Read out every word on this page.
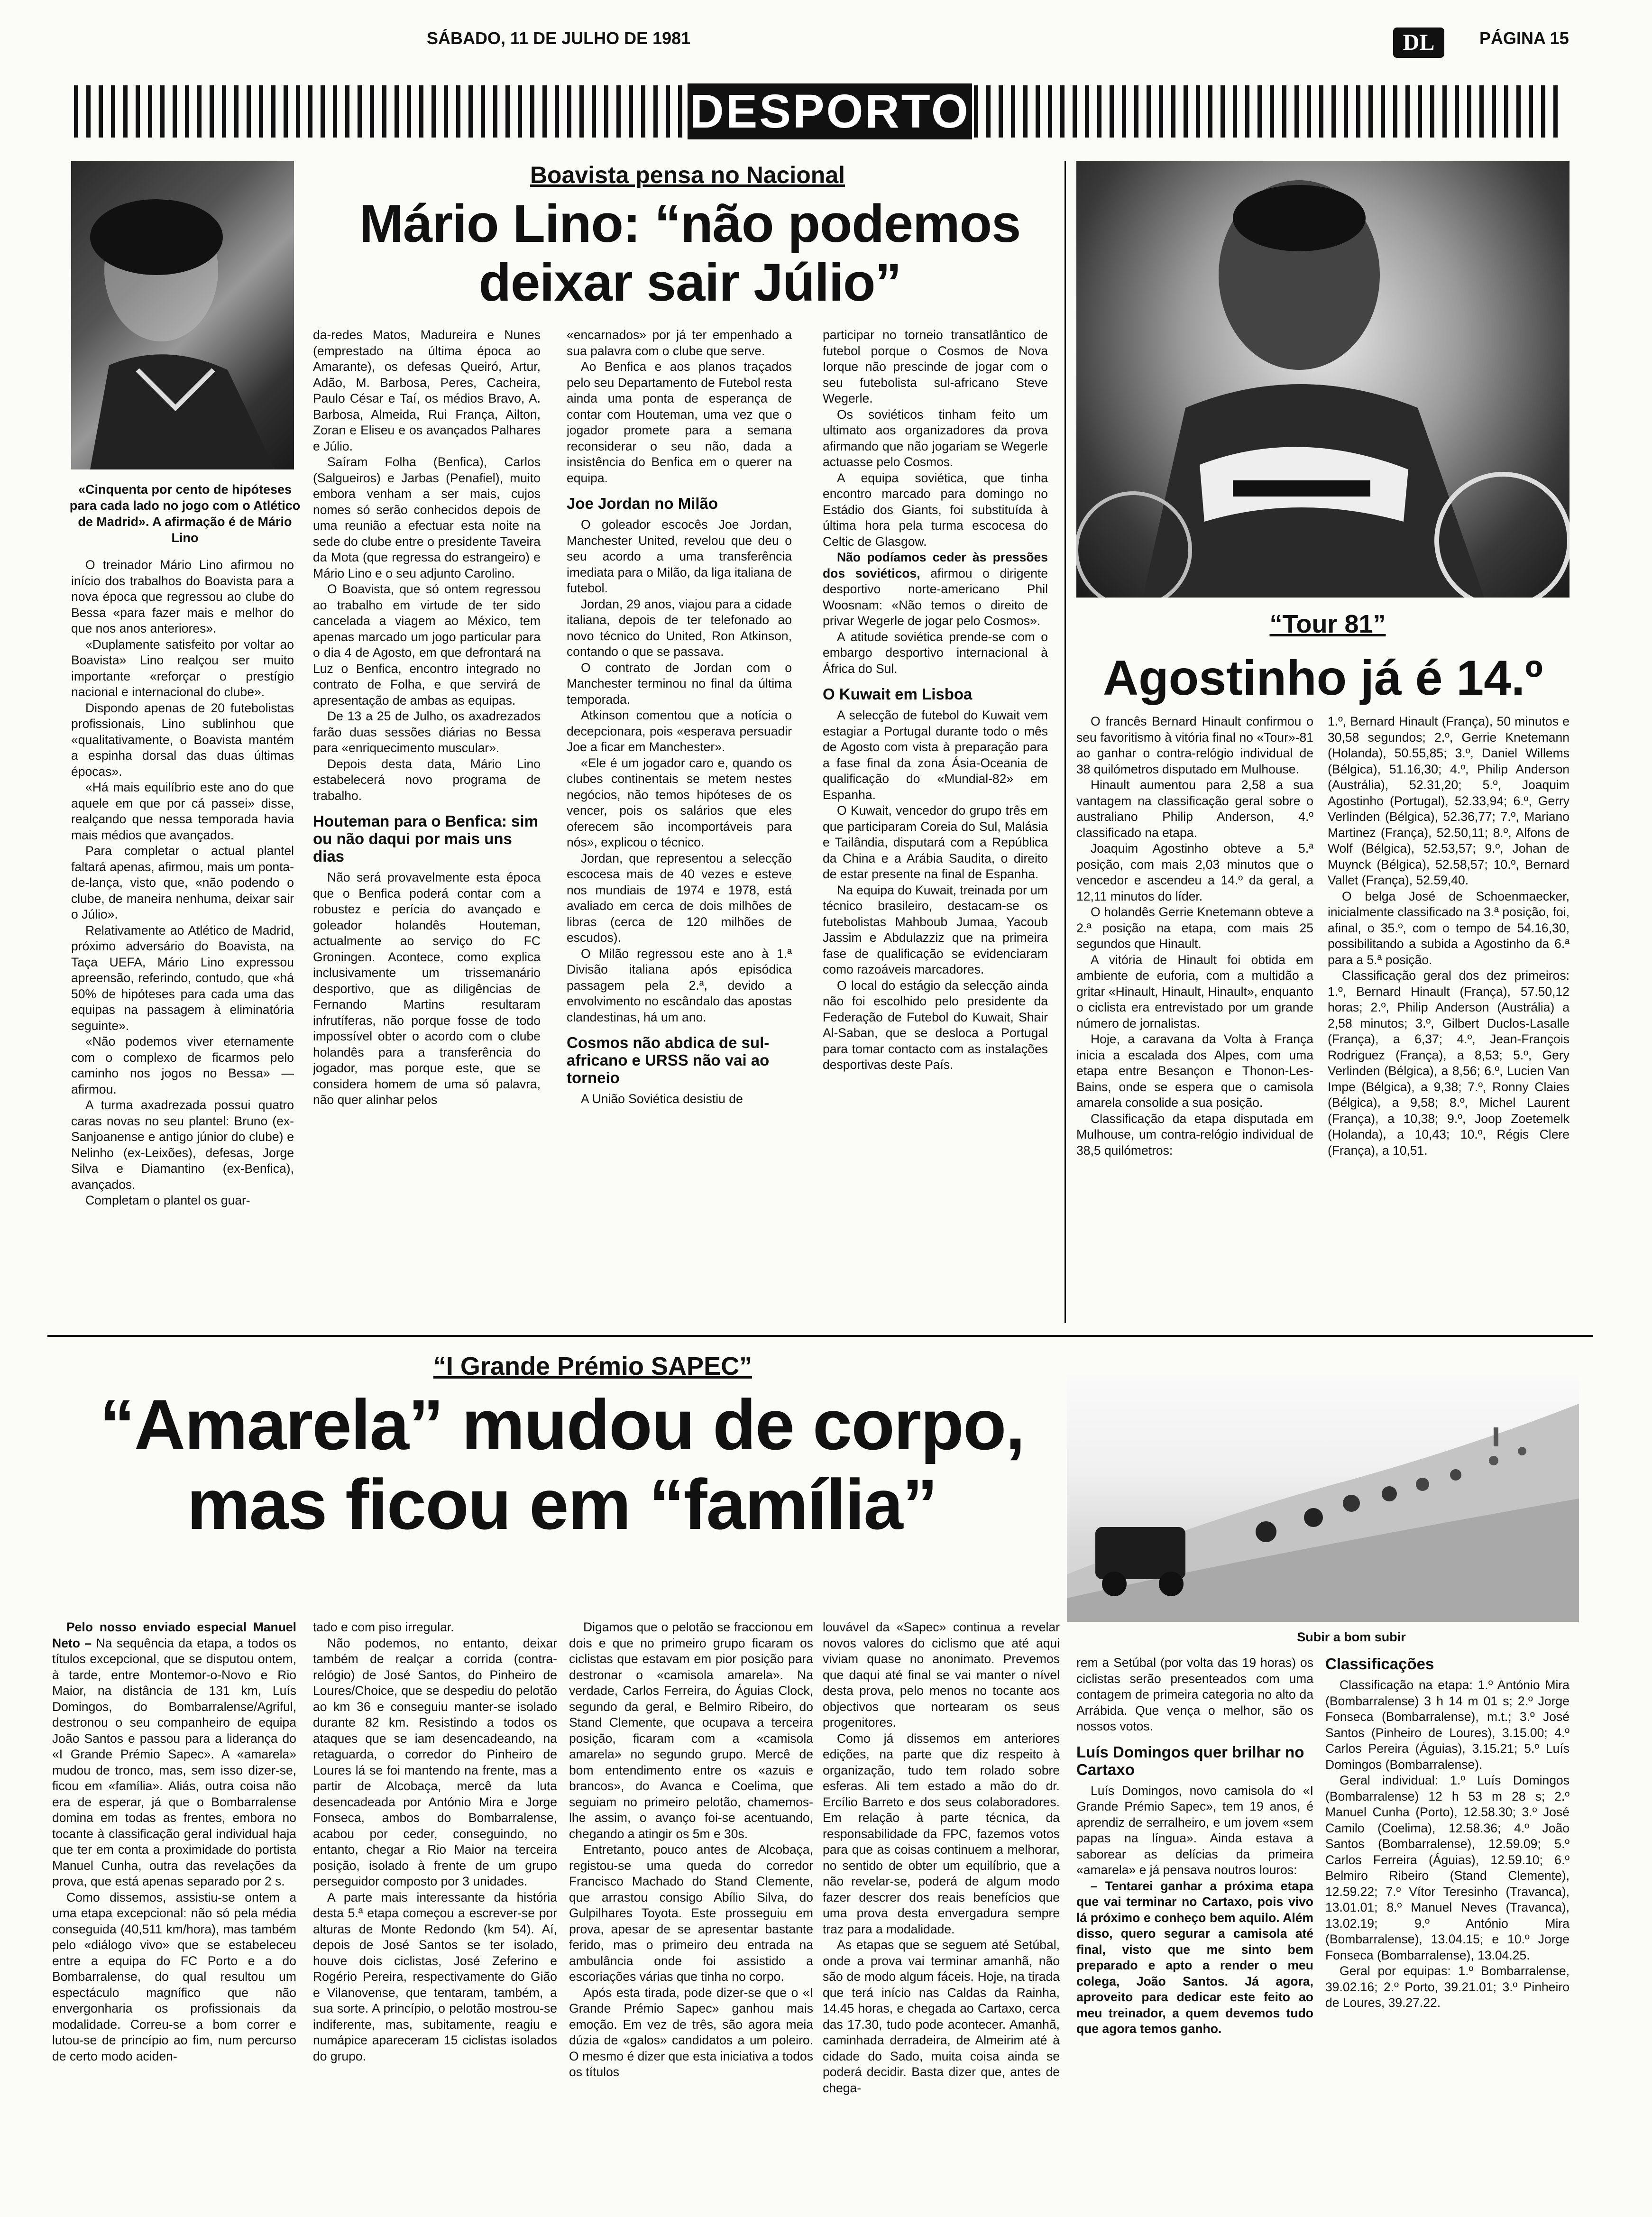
SÁBADO, 11 DE JULHO DE 1981	DL	PÁGINA 15
DESPORTO
«Cinquenta por cento de hipóteses para cada lado no jogo com o Atlético de Madrid». A afirmação é de Mário Lino
Boavista pensa no Nacional
Mário Lino: “não podemos
deixar sair Júlio”

O treinador Mário Lino afirmou no início dos trabalhos do Boavista para a nova época que regressou ao clube do Bessa «para fazer mais e melhor do que nos anos anteriores».

«Duplamente satisfeito por voltar ao Boavista» Lino realçou ser muito importante «reforçar o prestígio nacional e internacional do clube».

Dispondo apenas de 20 futebolistas profissionais, Lino sublinhou que «qualitativamente, o Boavista mantém a espinha dorsal das duas últimas épocas».

«Há mais equilíbrio este ano do que aquele em que por cá passei» disse, realçando que nessa temporada havia mais médios que avançados.

Para completar o actual plantel faltará apenas, afirmou, mais um ponta-de-lança, visto que, «não podendo o clube, de maneira nenhuma, deixar sair o Júlio».

Relativamente ao Atlético de Madrid, próximo adversário do Boavista, na Taça UEFA, Mário Lino expressou apreensão, referindo, contudo, que «há 50% de hipóteses para cada uma das equipas na passagem à eliminatória seguinte».

«Não podemos viver eternamente com o complexo de ficarmos pelo caminho nos jogos no Bessa» — afirmou.

A turma axadrezada possui quatro caras novas no seu plantel: Bruno (ex-Sanjoanense e antigo júnior do clube) e Nelinho (ex-Leixões), defesas, Jorge Silva e Diamantino (ex-Benfica), avançados.

Completam o plantel os guar-

da-redes Matos, Madureira e Nunes (emprestado na última época ao Amarante), os defesas Queiró, Artur, Adão, M. Barbosa, Peres, Cacheira, Paulo César e Taí, os médios Bravo, A. Barbosa, Almeida, Rui França, Ailton, Zoran e Eliseu e os avançados Palhares e Júlio.

Saíram Folha (Benfica), Carlos (Salgueiros) e Jarbas (Penafiel), muito embora venham a ser mais, cujos nomes só serão conhecidos depois de uma reunião a efectuar esta noite na sede do clube entre o presidente Taveira da Mota (que regressa do estrangeiro) e Mário Lino e o seu adjunto Carolino.

O Boavista, que só ontem regressou ao trabalho em virtude de ter sido cancelada a viagem ao México, tem apenas marcado um jogo particular para o dia 4 de Agosto, em que defrontará na Luz o Benfica, encontro integrado no contrato de Folha, e que servirá de apresentação de ambas as equipas.

De 13 a 25 de Julho, os axadrezados farão duas sessões diárias no Bessa para «enriquecimento muscular».

Depois desta data, Mário Lino estabelecerá novo programa de trabalho.

Houteman para o Benfica: sim ou não daqui por mais uns dias

Não será provavelmente esta época que o Benfica poderá contar com a robustez e perícia do avançado e goleador holandês Houteman, actualmente ao serviço do FC Groningen. Acontece, como explica inclusivamente um trissemanário desportivo, que as diligências de Fernando Martins resultaram infrutíferas, não porque fosse de todo impossível obter o acordo com o clube holandês para a transferência do jogador, mas porque este, que se considera homem de uma só palavra, não quer alinhar pelos

«encarnados» por já ter empenhado a sua palavra com o clube que serve.

Ao Benfica e aos planos traçados pelo seu Departamento de Futebol resta ainda uma ponta de esperança de contar com Houteman, uma vez que o jogador promete para a semana reconsiderar o seu não, dada a insistência do Benfica em o querer na equipa.

Joe Jordan no Milão

O goleador escocês Joe Jordan, Manchester United, revelou que deu o seu acordo a uma transferência imediata para o Milão, da liga italiana de futebol.

Jordan, 29 anos, viajou para a cidade italiana, depois de ter telefonado ao novo técnico do United, Ron Atkinson, contando o que se passava.

O contrato de Jordan com o Manchester terminou no final da última temporada.

Atkinson comentou que a notícia o decepcionara, pois «esperava persuadir Joe a ficar em Manchester».

«Ele é um jogador caro e, quando os clubes continentais se metem nestes negócios, não temos hipóteses de os vencer, pois os salários que eles oferecem são incomportáveis para nós», explicou o técnico.

Jordan, que representou a selecção escocesa mais de 40 vezes e esteve nos mundiais de 1974 e 1978, está avaliado em cerca de dois milhões de libras (cerca de 120 milhões de escudos).

O Milão regressou este ano à 1.ª Divisão italiana após episódica passagem pela 2.ª, devido a envolvimento no escândalo das apostas clandestinas, há um ano.

Cosmos não abdica de sul-africano e URSS não vai ao torneio

A União Soviética desistiu de

participar no torneio transatlântico de futebol porque o Cosmos de Nova Iorque não prescinde de jogar com o seu futebolista sul-africano Steve Wegerle.

Os soviéticos tinham feito um ultimato aos organizadores da prova afirmando que não jogariam se Wegerle actuasse pelo Cosmos.

A equipa soviética, que tinha encontro marcado para domingo no Estádio dos Giants, foi substituída à última hora pela turma escocesa do Celtic de Glasgow.

Não podíamos ceder às pressões dos soviéticos, afirmou o dirigente desportivo norte-americano Phil Woosnam: «Não temos o direito de privar Wegerle de jogar pelo Cosmos».

A atitude soviética prende-se com o embargo desportivo internacional à África do Sul.

O Kuwait em Lisboa

A selecção de futebol do Kuwait vem estagiar a Portugal durante todo o mês de Agosto com vista à preparação para a fase final da zona Ásia-Oceania de qualificação do «Mundial-82» em Espanha.

O Kuwait, vencedor do grupo três em que participaram Coreia do Sul, Malásia e Tailândia, disputará com a República da China e a Arábia Saudita, o direito de estar presente na final de Espanha.

Na equipa do Kuwait, treinada por um técnico brasileiro, destacam-se os futebolistas Mahboub Jumaa, Yacoub Jassim e Abdulazziz que na primeira fase de qualificação se evidenciaram como razoáveis marcadores.

O local do estágio da selecção ainda não foi escolhido pelo presidente da Federação de Futebol do Kuwait, Shair Al-Saban, que se desloca a Portugal para tomar contacto com as instalações desportivas deste País.

“Tour 81”
Agostinho já é 14.º

O francês Bernard Hinault confirmou o seu favoritismo à vitória final no «Tour»-81 ao ganhar o contra-relógio individual de 38 quilómetros disputado em Mulhouse.

Hinault aumentou para 2,58 a sua vantagem na classificação geral sobre o australiano Philip Anderson, 4.º classificado na etapa.

Joaquim Agostinho obteve a 5.ª posição, com mais 2,03 minutos que o vencedor e ascendeu a 14.º da geral, a 12,11 minutos do líder.

O holandês Gerrie Knetemann obteve a 2.ª posição na etapa, com mais 25 segundos que Hinault.

A vitória de Hinault foi obtida em ambiente de euforia, com a multidão a gritar «Hinault, Hinault, Hinault», enquanto o ciclista era entrevistado por um grande número de jornalistas.

Hoje, a caravana da Volta à França inicia a escalada dos Alpes, com uma etapa entre Besançon e Thonon-Les-Bains, onde se espera que o camisola amarela consolide a sua posição.

Classificação da etapa disputada em Mulhouse, um contra-relógio individual de 38,5 quilómetros:

1.º, Bernard Hinault (França), 50 minutos e 30,58 segundos; 2.º, Gerrie Knetemann (Holanda), 50.55,85; 3.º, Daniel Willems (Bélgica), 51.16,30; 4.º, Philip Anderson (Austrália), 52.31,20; 5.º, Joaquim Agostinho (Portugal), 52.33,94; 6.º, Gerry Verlinden (Bélgica), 52.36,77; 7.º, Mariano Martinez (França), 52.50,11; 8.º, Alfons de Wolf (Bélgica), 52.53,57; 9.º, Johan de Muynck (Bélgica), 52.58,57; 10.º, Bernard Vallet (França), 52.59,40.

O belga José de Schoenmaecker, inicialmente classificado na 3.ª posição, foi, afinal, o 35.º, com o tempo de 54.16,30, possibilitando a subida a Agostinho da 6.ª para a 5.ª posição.

Classificação geral dos dez primeiros: 1.º, Bernard Hinault (França), 57.50,12 horas; 2.º, Philip Anderson (Austrália) a 2,58 minutos; 3.º, Gilbert Duclos-Lasalle (França), a 6,37; 4.º, Jean-François Rodriguez (França), a 8,53; 5.º, Gery Verlinden (Bélgica), a 8,56; 6.º, Lucien Van Impe (Bélgica), a 9,38; 7.º, Ronny Claies (Bélgica), a 9,58; 8.º, Michel Laurent (França), a 10,38; 9.º, Joop Zoetemelk (Holanda), a 10,43; 10.º, Régis Clere (França), a 10,51.

“I Grande Prémio SAPEC”
“Amarela” mudou de corpo,
mas ficou em “família”
Subir a bom subir

Pelo nosso enviado especial Manuel Neto – Na sequência da etapa, a todos os títulos excepcional, que se disputou ontem, à tarde, entre Montemor-o-Novo e Rio Maior, na distância de 131 km, Luís Domingos, do Bombarralense/Agriful, destronou o seu companheiro de equipa João Santos e passou para a liderança do «I Grande Prémio Sapec». A «amarela» mudou de tronco, mas, sem isso dizer-se, ficou em «família». Aliás, outra coisa não era de esperar, já que o Bombarralense domina em todas as frentes, embora no tocante à classificação geral individual haja que ter em conta a proximidade do portista Manuel Cunha, outra das revelações da prova, que está apenas separado por 2 s.

Como dissemos, assistiu-se ontem a uma etapa excepcional: não só pela média conseguida (40,511 km/hora), mas também pelo «diálogo vivo» que se estabeleceu entre a equipa do FC Porto e a do Bombarralense, do qual resultou um espectáculo magnífico que não envergonharia os profissionais da modalidade. Correu-se a bom correr e lutou-se de princípio ao fim, num percurso de certo modo aciden-

tado e com piso irregular.

Não podemos, no entanto, deixar também de realçar a corrida (contra-relógio) de José Santos, do Pinheiro de Loures/Choice, que se despediu do pelotão ao km 36 e conseguiu manter-se isolado durante 82 km. Resistindo a todos os ataques que se iam desencadeando, na retaguarda, o corredor do Pinheiro de Loures lá se foi mantendo na frente, mas a partir de Alcobaça, mercê da luta desencadeada por António Mira e Jorge Fonseca, ambos do Bombarralense, acabou por ceder, conseguindo, no entanto, chegar a Rio Maior na terceira posição, isolado à frente de um grupo perseguidor composto por 3 unidades.

A parte mais interessante da história desta 5.ª etapa começou a escrever-se por alturas de Monte Redondo (km 54). Aí, depois de José Santos se ter isolado, houve dois ciclistas, José Zeferino e Rogério Pereira, respectivamente do Gião e Vilanovense, que tentaram, também, a sua sorte. A princípio, o pelotão mostrou-se indiferente, mas, subitamente, reagiu e numápice apareceram 15 ciclistas isolados do grupo.

Digamos que o pelotão se fraccionou em dois e que no primeiro grupo ficaram os ciclistas que estavam em pior posição para destronar o «camisola amarela». Na verdade, Carlos Ferreira, do Águias Clock, segundo da geral, e Belmiro Ribeiro, do Stand Clemente, que ocupava a terceira posição, ficaram com a «camisola amarela» no segundo grupo. Mercê de bom entendimento entre os «azuis e brancos», do Avanca e Coelima, que seguiam no primeiro pelotão, chamemos-lhe assim, o avanço foi-se acentuando, chegando a atingir os 5m e 30s.

Entretanto, pouco antes de Alcobaça, registou-se uma queda do corredor Francisco Machado do Stand Clemente, que arrastou consigo Abílio Silva, do Gulpilhares Toyota. Este prosseguiu em prova, apesar de se apresentar bastante ferido, mas o primeiro deu entrada na ambulância onde foi assistido a escoriações várias que tinha no corpo.

Após esta tirada, pode dizer-se que o «I Grande Prémio Sapec» ganhou mais emoção. Em vez de três, são agora meia dúzia de «galos» candidatos a um poleiro. O mesmo é dizer que esta iniciativa a todos os títulos

louvável da «Sapec» continua a revelar novos valores do ciclismo que até aqui viviam quase no anonimato. Prevemos que daqui até final se vai manter o nível desta prova, pelo menos no tocante aos objectivos que nortearam os seus progenitores.

Como já dissemos em anteriores edições, na parte que diz respeito à organização, tudo tem rolado sobre esferas. Ali tem estado a mão do dr. Ercílio Barreto e dos seus colaboradores. Em relação à parte técnica, da responsabilidade da FPC, fazemos votos para que as coisas continuem a melhorar, no sentido de obter um equilíbrio, que a não revelar-se, poderá de algum modo fazer descrer dos reais benefícios que uma prova desta envergadura sempre traz para a modalidade.

As etapas que se seguem até Setúbal, onde a prova vai terminar amanhã, não são de modo algum fáceis. Hoje, na tirada que terá início nas Caldas da Rainha, 14.45 horas, e chegada ao Cartaxo, cerca das 17.30, tudo pode acontecer. Amanhã, caminhada derradeira, de Almeirim até à cidade do Sado, muita coisa ainda se poderá decidir. Basta dizer que, antes de chega-

rem a Setúbal (por volta das 19 horas) os ciclistas serão presenteados com uma contagem de primeira categoria no alto da Arrábida. Que vença o melhor, são os nossos votos.

Luís Domingos quer brilhar no Cartaxo

Luís Domingos, novo camisola do «I Grande Prémio Sapec», tem 19 anos, é aprendiz de serralheiro, e um jovem «sem papas na língua». Ainda estava a saborear as delícias da primeira «amarela» e já pensava noutros louros:

– Tentarei ganhar a próxima etapa que vai terminar no Cartaxo, pois vivo lá próximo e conheço bem aquilo. Além disso, quero segurar a camisola até final, visto que me sinto bem preparado e apto a render o meu colega, João Santos. Já agora, aproveito para dedicar este feito ao meu treinador, a quem devemos tudo que agora temos ganho.

Classificações

Classificação na etapa: 1.º António Mira (Bombarralense) 3 h 14 m 01 s; 2.º Jorge Fonseca (Bombarralense), m.t.; 3.º José Santos (Pinheiro de Loures), 3.15.00; 4.º Carlos Pereira (Águias), 3.15.21; 5.º Luís Domingos (Bombarralense).

Geral individual: 1.º Luís Domingos (Bombarralense) 12 h 53 m 28 s; 2.º Manuel Cunha (Porto), 12.58.30; 3.º José Camilo (Coelima), 12.58.36; 4.º João Santos (Bombarralense), 12.59.09; 5.º Carlos Ferreira (Águias), 12.59.10; 6.º Belmiro Ribeiro (Stand Clemente), 12.59.22; 7.º Vítor Teresinho (Travanca), 13.01.01; 8.º Manuel Neves (Travanca), 13.02.19; 9.º António Mira (Bombarralense), 13.04.15; e 10.º Jorge Fonseca (Bombarralense), 13.04.25.

Geral por equipas: 1.º Bombarralense, 39.02.16; 2.º Porto, 39.21.01; 3.º Pinheiro de Loures, 39.27.22.
